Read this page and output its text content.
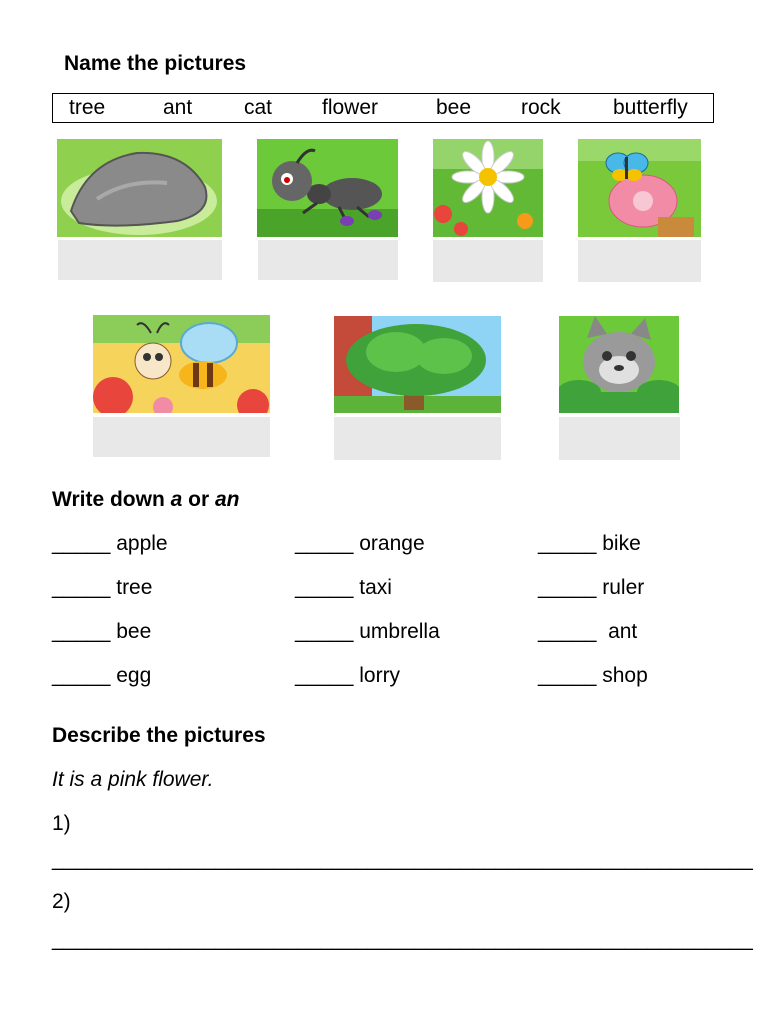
Name the pictures
tree	ant cat flower	bee rock butterfly
Write down a or an
_____ apple	_____ orange	_____ bike
_____ tree	_____ taxi	_____ ruler
_____ bee	_____ umbrella	_____  ant
_____ egg	_____ lorry	_____ shop
Describe the pictures
It is a pink flower.
1)
____________________________________________________________
2)
____________________________________________________________
